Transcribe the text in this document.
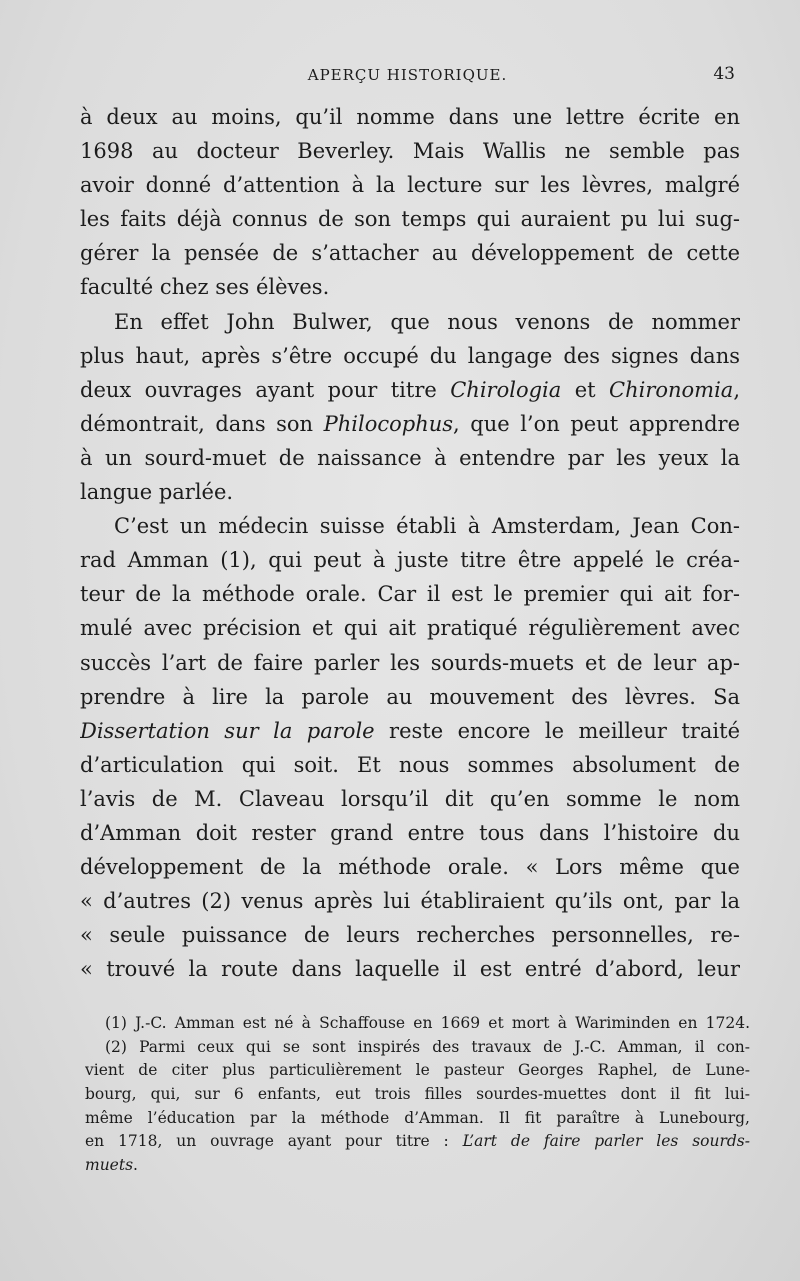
APERÇU HISTORIQUE.	43
à deux au moins, qu’il nomme dans une lettre écrite en
1698 au docteur Beverley. Mais Wallis ne semble pas
avoir donné d’attention à la lecture sur les lèvres, malgré
les faits déjà connus de son temps qui auraient pu lui sug-
gérer la pensée de s’attacher au développement de cette
faculté chez ses élèves.
En effet John Bulwer, que nous venons de nommer
plus haut, après s’être occupé du langage des signes dans
deux ouvrages ayant pour titre Chirologia et Chironomia,
démontrait, dans son Philocophus, que l’on peut apprendre
à un sourd-muet de naissance à entendre par les yeux la
langue parlée.
C’est un médecin suisse établi à Amsterdam, Jean Con-
rad Amman (1), qui peut à juste titre être appelé le créa-
teur de la méthode orale. Car il est le premier qui ait for-
mulé avec précision et qui ait pratiqué régulièrement avec
succès l’art de faire parler les sourds-muets et de leur ap-
prendre à lire la parole au mouvement des lèvres. Sa
Dissertation sur la parole reste encore le meilleur traité
d’articulation qui soit. Et nous sommes absolument de
l’avis de M. Claveau lorsqu’il dit qu’en somme le nom
d’Amman doit rester grand entre tous dans l’histoire du
développement de la méthode orale. « Lors même que
« d’autres (2) venus après lui établiraient qu’ils ont, par la
« seule puissance de leurs recherches personnelles, re-
« trouvé la route dans laquelle il est entré d’abord, leur
(1) J.-C. Amman est né à Schaffouse en 1669 et mort à Wariminden en 1724.
(2) Parmi ceux qui se sont inspirés des travaux de J.-C. Amman, il con-
vient de citer plus particulièrement le pasteur Georges Raphel, de Lune-
bourg, qui, sur 6 enfants, eut trois filles sourdes-muettes dont il fit lui-
même l’éducation par la méthode d’Amman. Il fit paraître à Lunebourg,
en 1718, un ouvrage ayant pour titre : L’art de faire parler les sourds-
muets.
